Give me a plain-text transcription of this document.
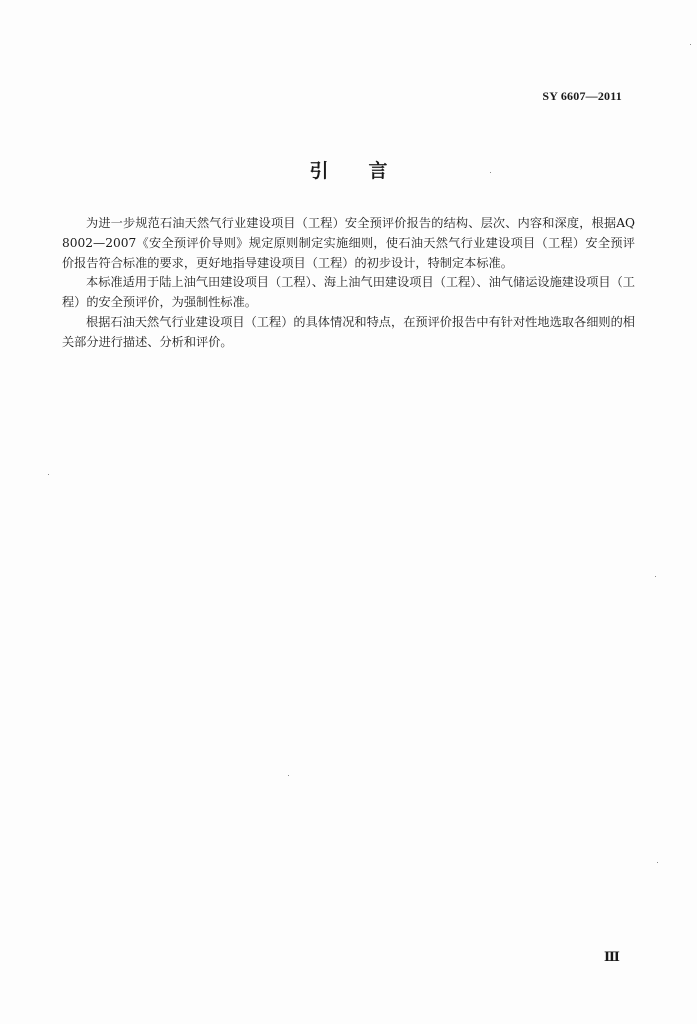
SY 6607—2011
引言

为进一步规范石油天然气行业建设项目（工程）安全预评价报告的结构、层次、内容和深度，根据AQ 8002—2007《安全预评价导则》规定原则制定实施细则，使石油天然气行业建设项目（工程）安全预评价报告符合标准的要求，更好地指导建设项目（工程）的初步设计，特制定本标准。

本标准适用于陆上油气田建设项目（工程）、海上油气田建设项目（工程）、油气储运设施建设项目（工程）的安全预评价，为强制性标准。

根据石油天然气行业建设项目（工程）的具体情况和特点，在预评价报告中有针对性地选取各细则的相关部分进行描述、分析和评价。

Ⅲ
